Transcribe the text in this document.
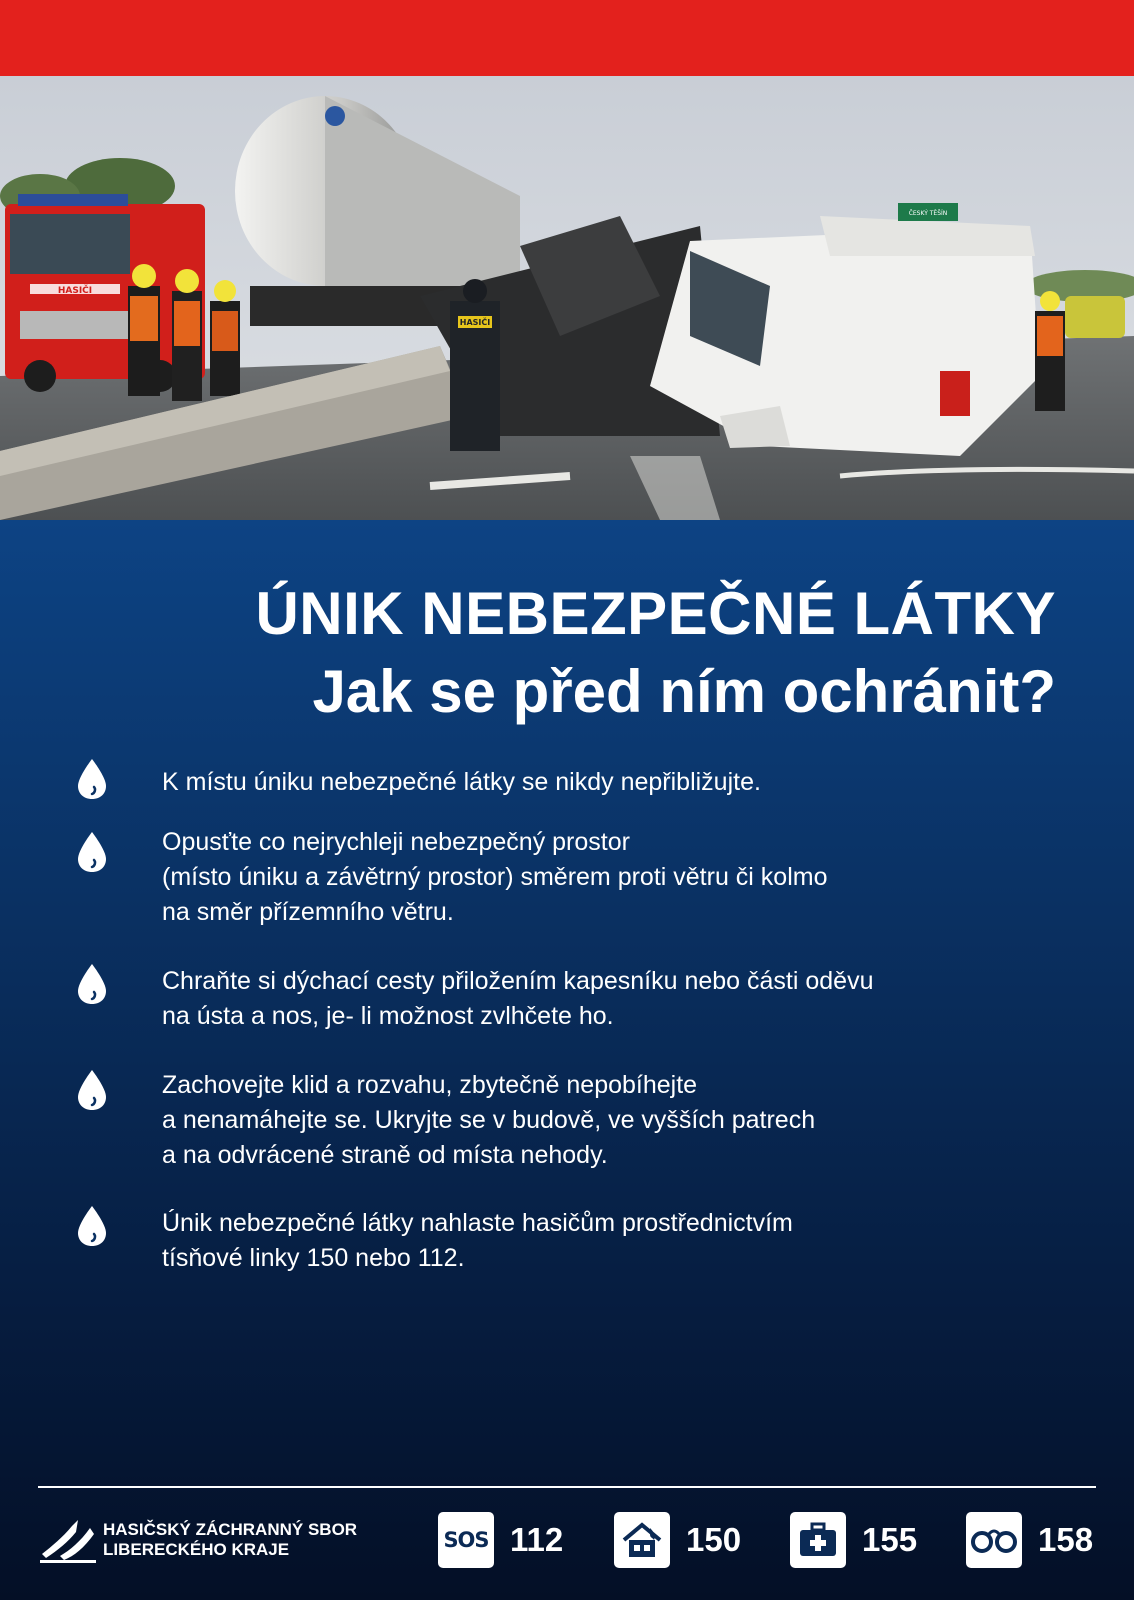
HASIČI
HASIČI
ČESKÝ TĚŠÍN
ÚNIK NEBEZPEČNÉ LÁTKY
Jak se před ním ochránit?

K místu úniku nebezpečné látky se nikdy nepřibližujte.

Opusťte co nejrychleji nebezpečný prostor
(místo úniku a závětrný prostor) směrem proti větru či kolmo
na směr přízemního větru.

Chraňte si dýchací cesty přiložením kapesníku nebo části oděvu
na ústa a nos, je- li možnost zvlhčete ho.

Zachovejte klid a rozvahu, zbytečně nepobíhejte
a nenamáhejte se. Ukryjte se v budově, ve vyšších patrech
a na odvrácené straně od místa nehody.

Únik nebezpečné látky nahlaste hasičům prostřednictvím
tísňové linky 150 nebo 112.

HASIČSKÝ ZÁCHRANNÝ SBOR
LIBERECKÉHO KRAJE	SOS 112	150	155	158
